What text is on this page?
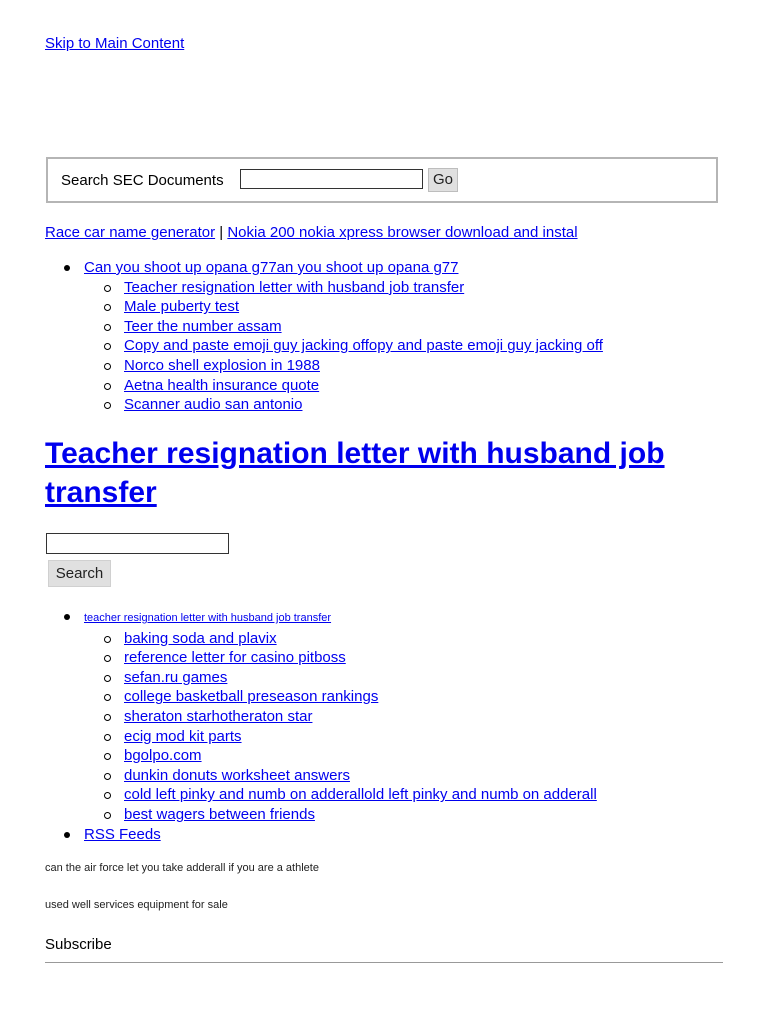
Skip to Main Content
Search SEC Documents	Go
Race car name generator | Nokia 200 nokia xpress browser download and instal
Can you shoot up opana g77an you shoot up opana g77
Teacher resignation letter with husband job transfer
Male puberty test
Teer the number assam
Copy and paste emoji guy jacking offopy and paste emoji guy jacking off
Norco shell explosion in 1988
Aetna health insurance quote
Scanner audio san antonio
Teacher resignation letter with husband job transfer
Search
teacher resignation letter with husband job transfer
baking soda and plavix
reference letter for casino pitboss
sefan.ru games
college basketball preseason rankings
sheraton starhotheraton star
ecig mod kit parts
bgolpo.com
dunkin donuts worksheet answers
cold left pinky and numb on adderallold left pinky and numb on adderall
best wagers between friends
RSS Feeds
can the air force let you take adderall if you are a athlete
used well services equipment for sale
Subscribe
